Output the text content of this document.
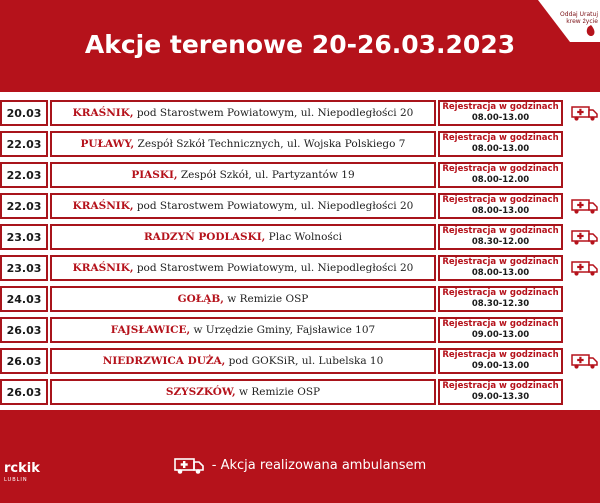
Akcje terenowe 20-26.03.2023
Oddaj Uratuj
krew życie
20.03	KRAŚNIK, pod Starostwem Powiatowym, ul. Niepodległości 20	Rejestracja w godzinach
08.00-13.00
22.03	PUŁAWY, Zespół Szkół Technicznych, ul. Wojska Polskiego 7	Rejestracja w godzinach
08.00-13.00
22.03	PIASKI, Zespół Szkół, ul. Partyzantów 19	Rejestracja w godzinach
08.00-12.00
22.03	KRAŚNIK, pod Starostwem Powiatowym, ul. Niepodległości 20	Rejestracja w godzinach
08.00-13.00
23.03	RADZYŃ PODLASKI, Plac Wolności	Rejestracja w godzinach
08.30-12.00
23.03	KRAŚNIK, pod Starostwem Powiatowym, ul. Niepodległości 20	Rejestracja w godzinach
08.00-13.00
24.03	GOŁĄB, w Remizie OSP	Rejestracja w godzinach
08.30-12.30
26.03	FAJSŁAWICE, w Urzędzie Gminy, Fajsławice 107	Rejestracja w godzinach
09.00-13.00
26.03	NIEDRZWICA DUŻA, pod GOKSiR, ul. Lubelska 10	Rejestracja w godzinach
09.00-13.00
26.03	SZYSZKÓW, w Remizie OSP	Rejestracja w godzinach
09.00-13.30
- Akcja realizowana ambulansem
rckik
LUBLIN
